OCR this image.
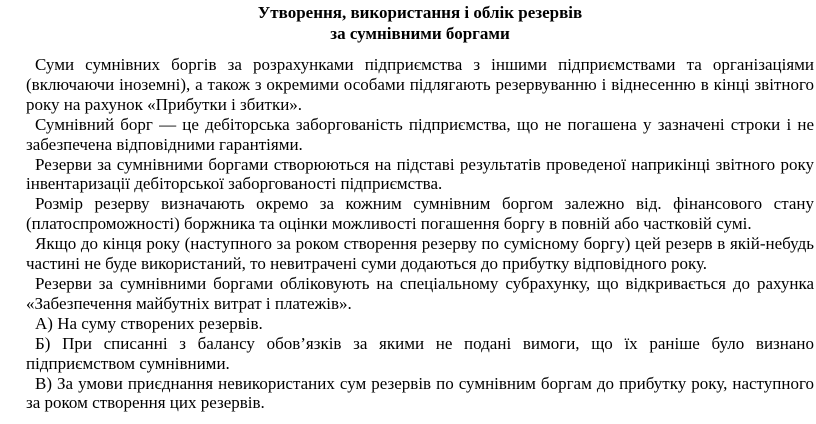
Утворення, використання і облік резервів
за сумнівними боргами

Суми сумнівних боргів за розрахунками підприємства з іншими підприємствами та організаціями (включаючи іноземні), а також з окремими особами підлягають резервуванню і віднесенню в кінці звітного року на рахунок «Прибутки і збитки».

Сумнівний борг — це дебіторська заборгованість підприємства, що не погашена у зазначені строки і не забезпечена відповідними гарантіями.

Резерви за сумнівними боргами створюються на підставі результатів проведеної наприкінці звітного року інвентаризації дебіторської заборгованості підприємства.

Розмір резерву визначають окремо за кожним сумнівним боргом залежно від. фінансового стану (платоспроможності) боржника та оцінки можливості погашення боргу в повній або частковій сумі.

Якщо до кінця року (наступного за роком створення резерву по сумісному боргу) цей резерв в якій-небудь частині не буде використаний, то невитрачені суми додаються до прибутку відповідного року.

Резерви за сумнівними боргами обліковують на спеціальному субрахунку, що відкривається до рахунка «Забезпечення майбутніх витрат і платежів».

А) На суму створених резервів.

Б) При списанні з балансу обов’язків за якими не подані вимоги, що їх раніше було визнано підприємством сумнівними.

В) За умови приєднання невикористаних сум резервів по сумнівним боргам до прибутку року, наступного за роком створення цих резервів.
